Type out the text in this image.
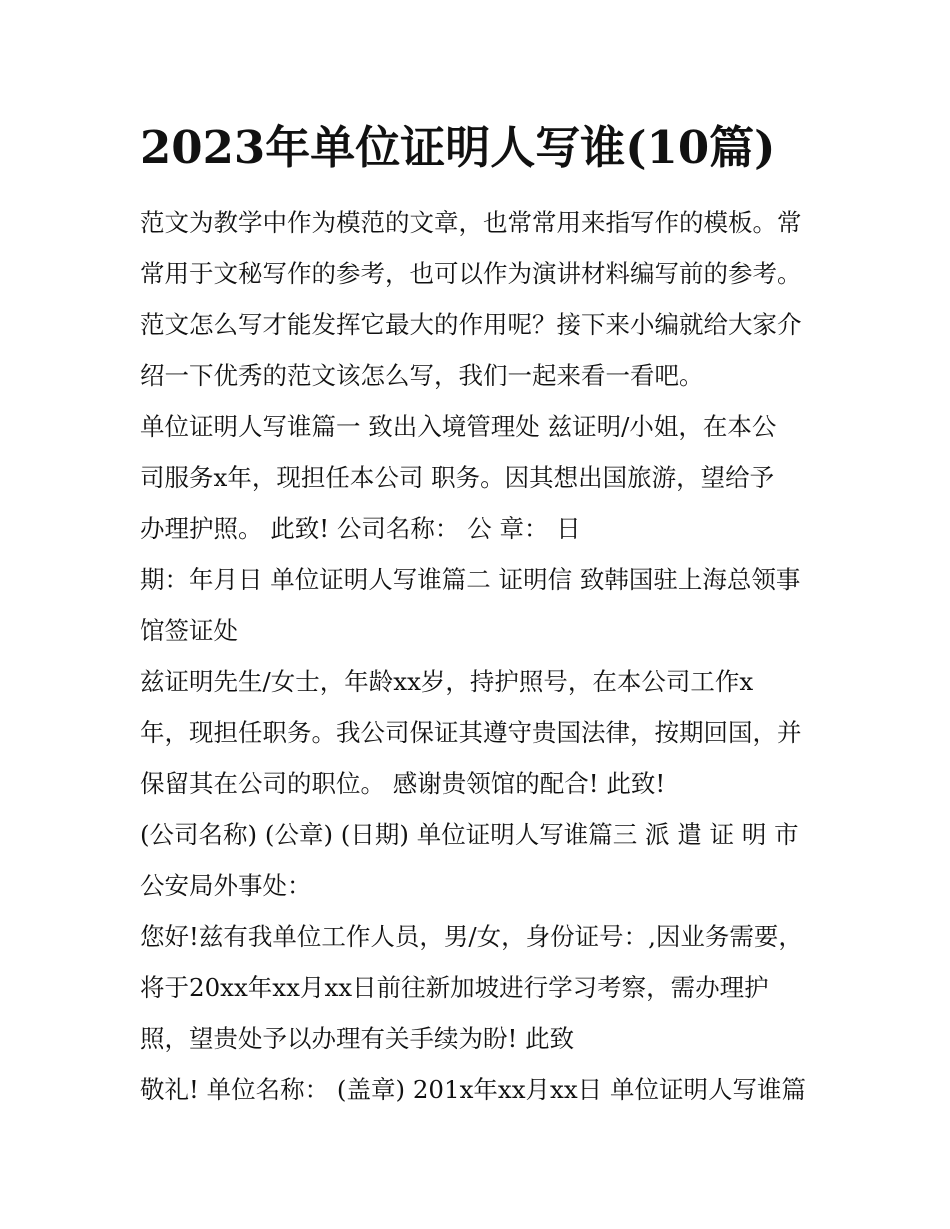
2023年单位证明人写谁(10篇)
范文为教学中作为模范的文章，也常常用来指写作的模板。常
常用于文秘写作的参考，也可以作为演讲材料编写前的参考。
范文怎么写才能发挥它最大的作用呢？接下来小编就给大家介
绍一下优秀的范文该怎么写，我们一起来看一看吧。
单位证明人写谁篇一 致出入境管理处 兹证明/小姐，在本公
司服务x年，现担任本公司 职务。因其想出国旅游，望给予
办理护照。 此致! 公司名称： 公 章： 日
期：年月日 单位证明人写谁篇二 证明信 致韩国驻上海总领事
馆签证处
兹证明先生/女士，年龄xx岁，持护照号，在本公司工作x
年，现担任职务。我公司保证其遵守贵国法律，按期回国，并
保留其在公司的职位。 感谢贵领馆的配合! 此致!
(公司名称) (公章) (日期) 单位证明人写谁篇三 派 遣 证 明 市
公安局外事处：
您好!兹有我单位工作人员，男/女，身份证号：,因业务需要，
将于20xx年xx月xx日前往新加坡进行学习考察，需办理护
照，望贵处予以办理有关手续为盼! 此致
敬礼! 单位名称： (盖章) 201x年xx月xx日 单位证明人写谁篇
